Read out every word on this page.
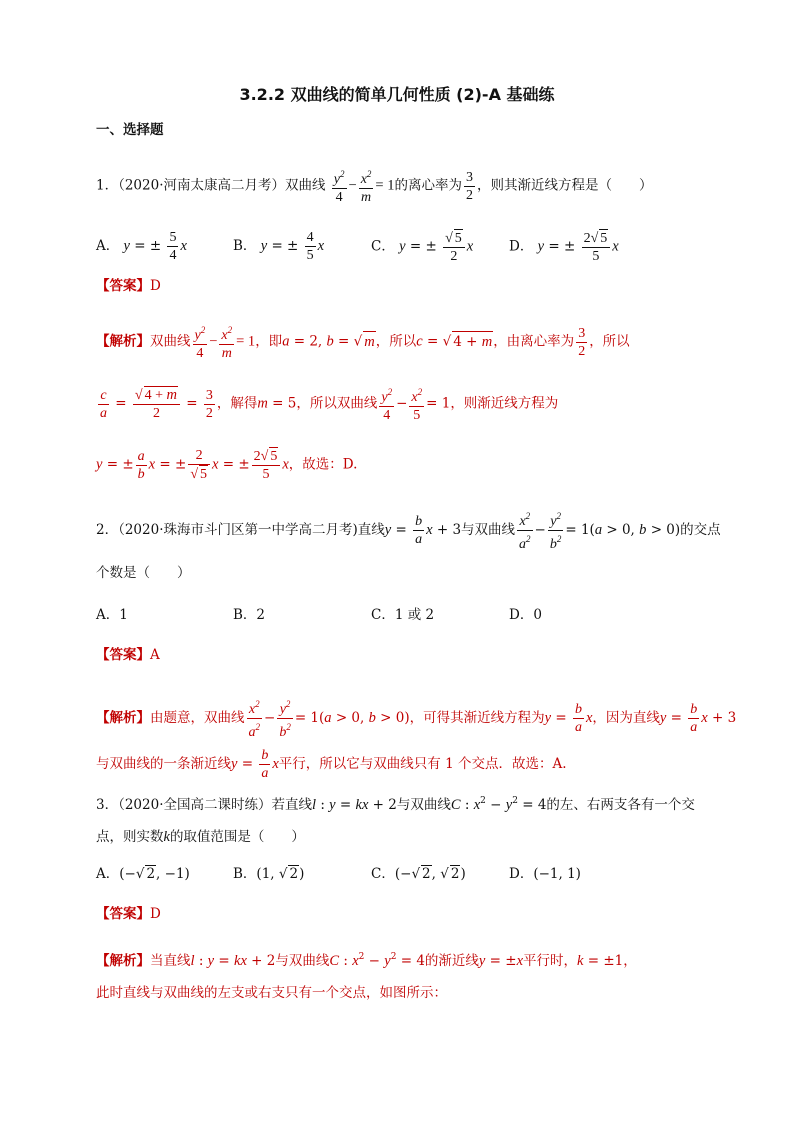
3.2.2 双曲线的简单几何性质 (2)-A 基础练
一、选择题
1．（2020·河南太康高二月考）双曲线 $\frac{y^2}{4} - \frac{x^2}{m} = 1$的离心率为 $\frac{3}{2}$ ，则其渐近线方程是（　　）
A． y = ± $\frac{5}{4}$ x	B． y = ± $\frac{4}{5}$ x	C． y = ± $\frac{√ 5}{2}$ x	D． y = ± $\frac{2√ 5}{5}$ x
【答案】D
【解析】双曲线 $\frac{y^2}{4} - \frac{x^2}{m} = 1$，即a = 2, b = √ m，所以c = √ 4 + m，由离心率为 $\frac{3}{2}$ ，所以
$\frac{c}{a} = \frac{√ 4 + m}{2} = \frac{3}{2}$ ，解得m = 5，所以双曲线 $\frac{y^2}{4} - \frac{x^2}{5} = 1$，则渐近线方程为
y = ± $\frac{a}{b}$ x = ± $\frac{2}{√ 5}$ x = ± $\frac{2√ 5}{5}$ x，故选：D.
2．（2020·珠海市斗门区第一中学高二月考)直线$y = \frac{b}{a}$ x + 3与双曲线 $\frac{x^2}{a^2} - \frac{y^2}{b^2} = 1(a > 0$, b > 0)的交点
个数是（　　）
A．1	B．2	C．1 或 2	D．0
【答案】A
【解析】由题意，双曲线 $\frac{x^2}{a^2} - \frac{y^2}{b^2} = 1(a > 0$, b > 0)，可得其渐近线方程为$y = \frac{b}{a}$ x，因为直线$y = \frac{b}{a}$ x + 3
与双曲线的一条渐近线$y = \frac{b}{a}$ x平行，所以它与双曲线只有 1 个交点．故选：A.
3．（2020·全国高二课时练）若直线l : y = kx + 2与双曲线C : $x^2 - y^2 = 4$的左、右两支各有一个交
点，则实数k的取值范围是（　　）
A．(−√ 2, −1)	B．(1, √ 2)	C．(−√ 2, √ 2)	D．(−1, 1)
【答案】D
【解析】当直线l : y = kx + 2与双曲线C : $x^2 - y^2 = 4$的渐近线y = ±x平行时，k = ±1，
此时直线与双曲线的左支或右支只有一个交点，如图所示：
